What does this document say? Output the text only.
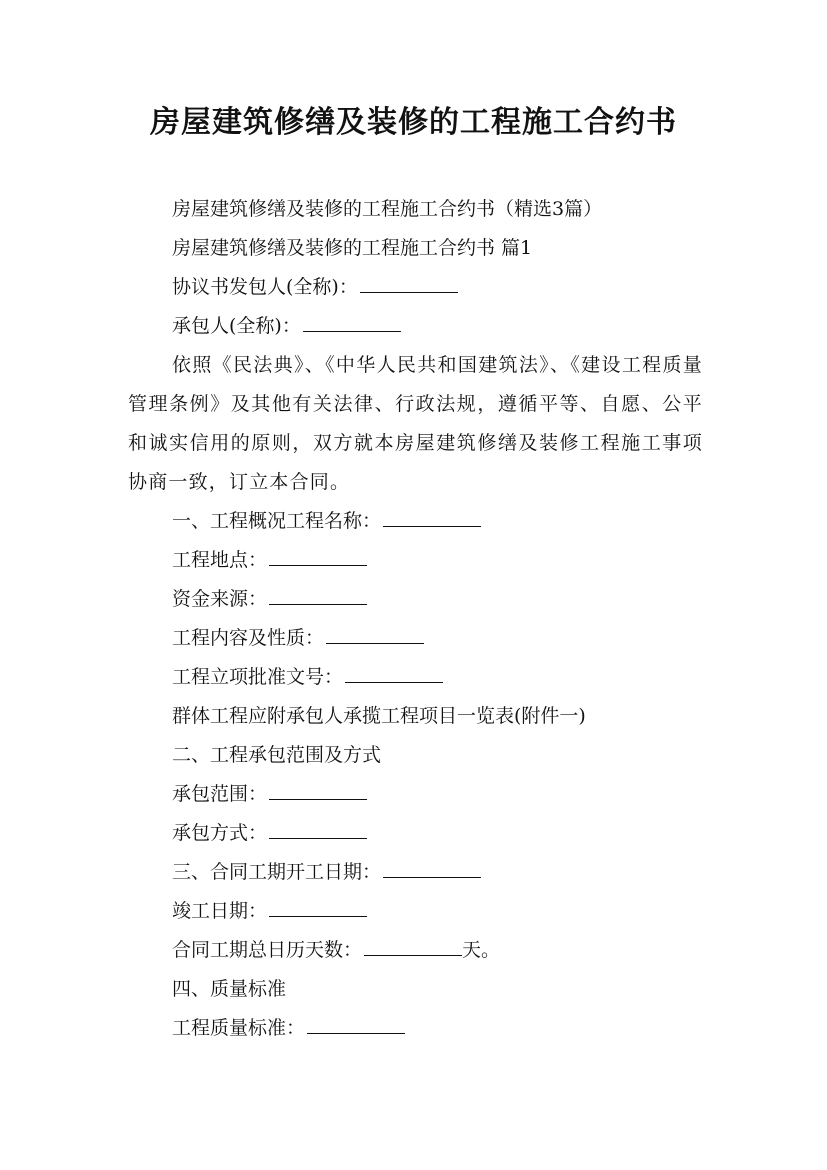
房屋建筑修缮及装修的工程施工合约书

房屋建筑修缮及装修的工程施工合约书（精选3篇）

房屋建筑修缮及装修的工程施工合约书 篇1

协议书发包人(全称)：

承包人(全称)：

依照《民法典》、《中华人民共和国建筑法》、《建设工程质量管理条例》及其他有关法律、行政法规，遵循平等、自愿、公平和诚实信用的原则，双方就本房屋建筑修缮及装修工程施工事项协商一致，订立本合同。

一、工程概况工程名称：

工程地点：

资金来源：

工程内容及性质：

工程立项批准文号：

群体工程应附承包人承揽工程项目一览表(附件一)

二、工程承包范围及方式

承包范围：

承包方式：

三、合同工期开工日期：

竣工日期：

合同工期总日历天数：	天。

四、质量标准

工程质量标准：
